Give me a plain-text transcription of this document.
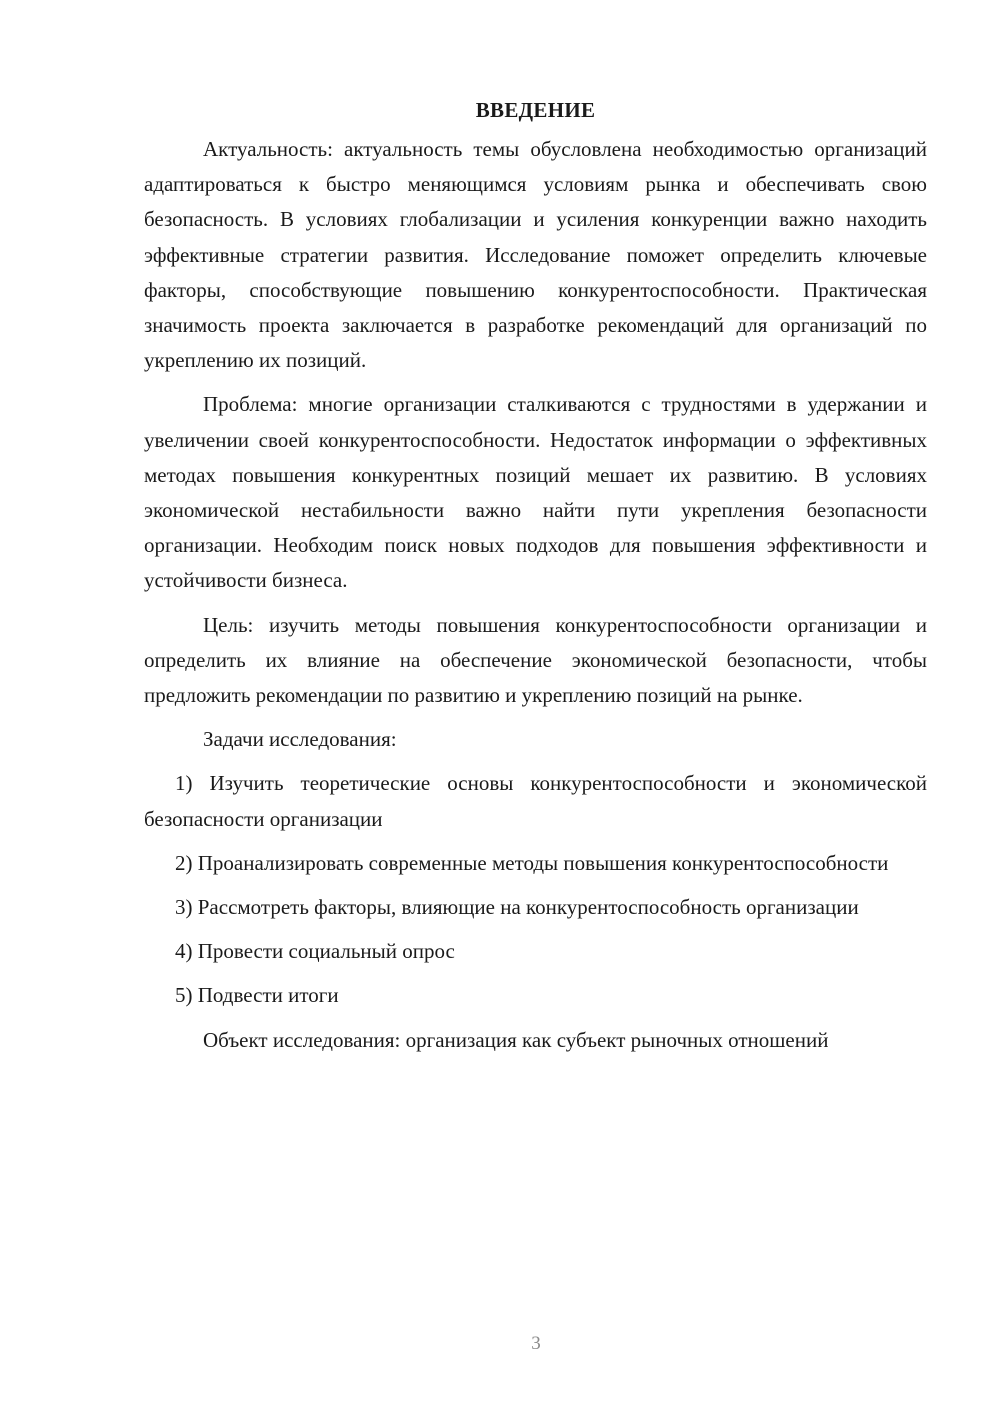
ВВЕДЕНИЕ

Актуальность: актуальность темы обусловлена необходимостью организаций адаптироваться к быстро меняющимся условиям рынка и обеспечивать свою безопасность. В условиях глобализации и усиления конкуренции важно находить эффективные стратегии развития. Исследование поможет определить ключевые факторы, способствующие повышению конкурентоспособности. Практическая значимость проекта заключается в разработке рекомендаций для организаций по укреплению их позиций.

Проблема: многие организации сталкиваются с трудностями в удержании и увеличении своей конкурентоспособности. Недостаток информации о эффективных методах повышения конкурентных позиций мешает их развитию. В условиях экономической нестабильности важно найти пути укрепления безопасности организации. Необходим поиск новых подходов для повышения эффективности и устойчивости бизнеса.

Цель: изучить методы повышения конкурентоспособности организации и определить их влияние на обеспечение экономической безопасности, чтобы предложить рекомендации по развитию и укреплению позиций на рынке.

Задачи исследования:

1) Изучить теоретические основы конкурентоспособности и экономической безопасности организации

2) Проанализировать современные методы повышения конкурентоспособности

3) Рассмотреть факторы, влияющие на конкурентоспособность организации

4) Провести социальный опрос

5) Подвести итоги

Объект исследования: организация как субъект рыночных отношений

3
